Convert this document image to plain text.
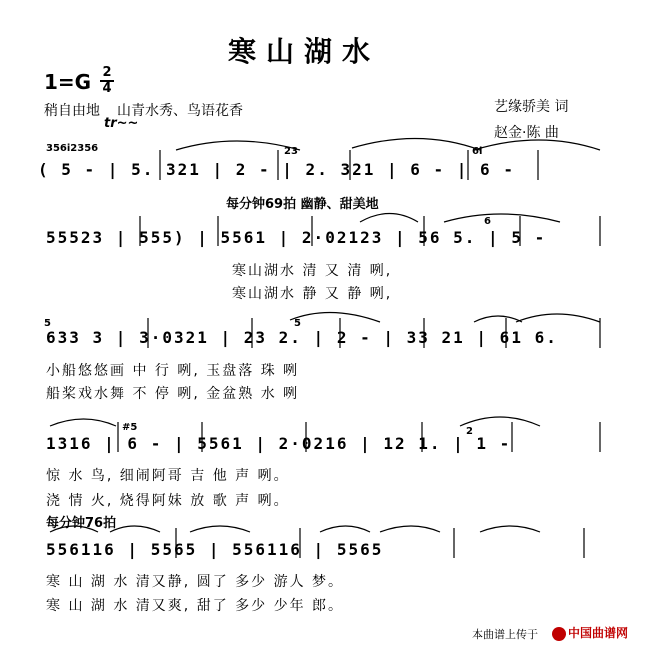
寒山湖水
$1=G \frac{2}{4}$
稍自由地 山青水秀、鸟语花香
tr~~
艺缘骄美 词
赵金·陈 曲
356i2356	23	6i
6
5	5
#5	2
( 5 - | 5. 321 | 2 - | 2. 321 | 6 - | 6 -
每分钟69拍 幽静、甜美地
55523 | 555) | 5561 | 2·02123 | 56 5. | 5 -
寒山湖水 清 又 清 咧,
寒山湖水 静 又 静 咧,
633 3 | 3·0321 | 23 2. | 2 - | 33 21 | 61 6.
小船悠悠画 中 行 咧, 玉盘落 珠 咧
船桨戏水舞 不 停 咧, 金盆熟 水 咧
1316 | 6 - | 5561 | 2·0216 | 12 1. | 1 -
惊 水 鸟, 细闹阿哥 吉 他 声 咧。
浇 情 火, 烧得阿妹 放 歌 声 咧。
每分钟76拍
556116 | 5565 | 556116 | 5565
寒 山 湖 水 清又静, 圆了 多少 游人 梦。
寒 山 湖 水 清又爽, 甜了 多少 少年 郎。
本曲谱上传于	中国曲谱网
